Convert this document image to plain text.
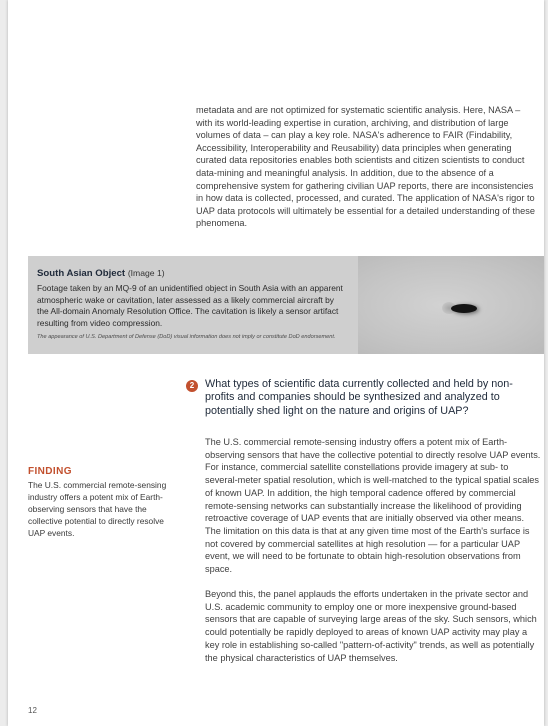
metadata and are not optimized for systematic scientific analysis. Here, NASA – with its world-leading expertise in curation, archiving, and distribution of large volumes of data – can play a key role. NASA's adherence to FAIR (Findability, Accessibility, Interoperability and Reusability) data principles when generating curated data repositories enables both scientists and citizen scientists to conduct data-mining and meaningful analysis. In addition, due to the absence of a comprehensive system for gathering civilian UAP reports, there are inconsistencies in how data is collected, processed, and curated. The application of NASA's rigor to UAP data protocols will ultimately be essential for a detailed understanding of these phenomena.

South Asian Object (Image 1)

Footage taken by an MQ-9 of an unidentified object in South Asia with an apparent atmospheric wake or cavitation, later assessed as a likely commercial aircraft by the All-domain Anomaly Resolution Office. The cavitation is likely a sensor artifact resulting from video compression.

The appearance of U.S. Department of Defense (DoD) visual information does not imply or constitute DoD endorsement.

2 What types of scientific data currently collected and held by non-profits and companies should be synthesized and analyzed to potentially shed light on the nature and origins of UAP?

FINDING

The U.S. commercial remote-sensing industry offers a potent mix of Earth-observing sensors that have the collective potential to directly resolve UAP events.

The U.S. commercial remote-sensing industry offers a potent mix of Earth-observing sensors that have the collective potential to directly resolve UAP events. For instance, commercial satellite constellations provide imagery at sub- to several-meter spatial resolution, which is well-matched to the typical spatial scales of known UAP. In addition, the high temporal cadence offered by commercial remote-sensing networks can substantially increase the likelihood of providing retroactive coverage of UAP events that are initially observed via other means. The limitation on this data is that at any given time most of the Earth's surface is not covered by commercial satellites at high resolution — for a particular UAP event, we will need to be fortunate to obtain high-resolution observations from space.

Beyond this, the panel applauds the efforts undertaken in the private sector and U.S. academic community to employ one or more inexpensive ground-based sensors that are capable of surveying large areas of the sky. Such sensors, which could potentially be rapidly deployed to areas of known UAP activity may play a key role in establishing so-called "pattern-of-activity" trends, as well as potentially the physical characteristics of UAP themselves.

12
